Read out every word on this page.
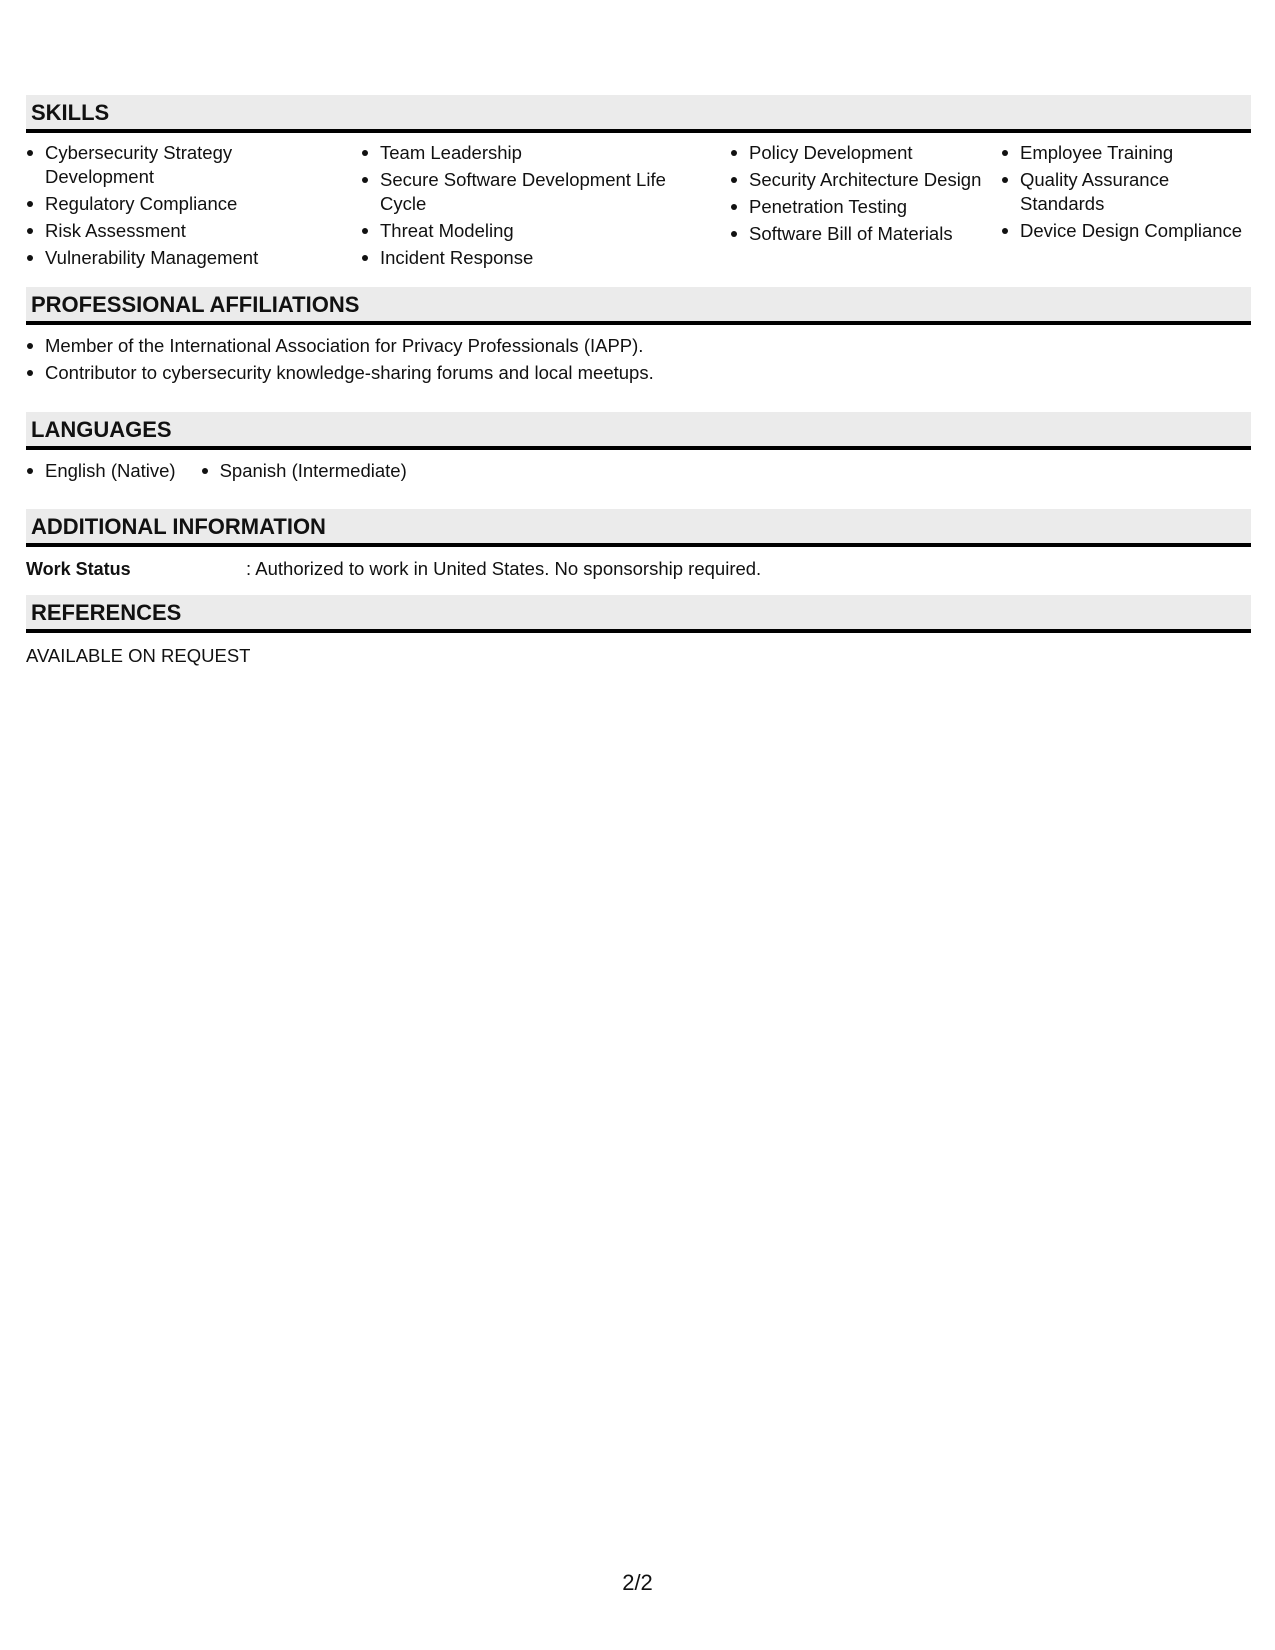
SKILLS
Cybersecurity Strategy Development
Regulatory Compliance
Risk Assessment
Vulnerability Management
Team Leadership
Secure Software Development Life Cycle
Threat Modeling
Incident Response
Policy Development
Security Architecture Design
Penetration Testing
Software Bill of Materials
Employee Training
Quality Assurance Standards
Device Design Compliance
PROFESSIONAL AFFILIATIONS
Member of the International Association for Privacy Professionals (IAPP).
Contributor to cybersecurity knowledge-sharing forums and local meetups.
LANGUAGES
English (Native)	Spanish (Intermediate)
ADDITIONAL INFORMATION
Work Status	: Authorized to work in United States. No sponsorship required.
REFERENCES
AVAILABLE ON REQUEST
2/2
